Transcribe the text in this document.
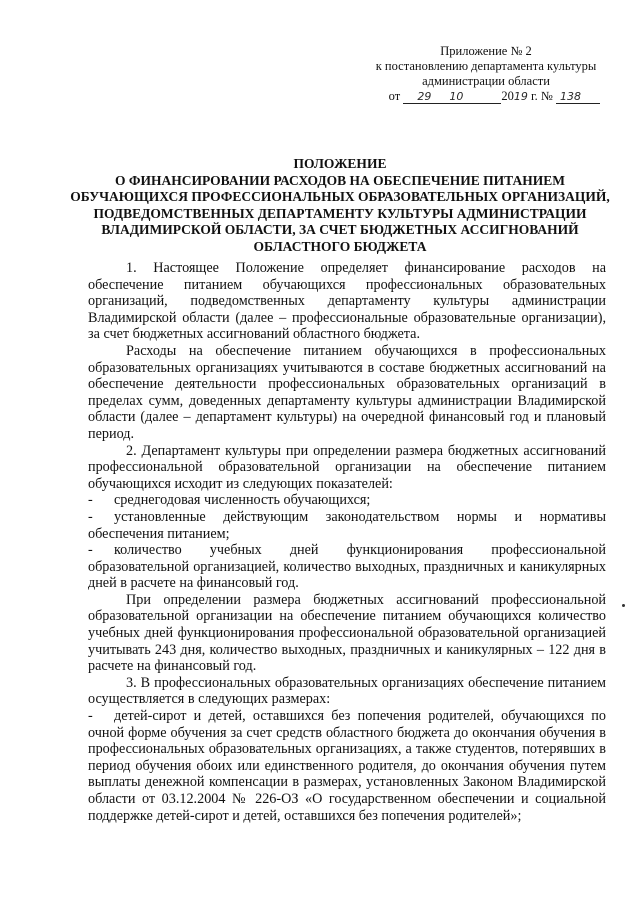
Приложение № 2
к постановлению департамента культуры
администрации области
от 29 10	2019 г. № 138
ПОЛОЖЕНИЕ
О ФИНАНСИРОВАНИИ РАСХОДОВ НА ОБЕСПЕЧЕНИЕ ПИТАНИЕМ
ОБУЧАЮЩИХСЯ ПРОФЕССИОНАЛЬНЫХ ОБРАЗОВАТЕЛЬНЫХ ОРГАНИЗАЦИЙ,
ПОДВЕДОМСТВЕННЫХ ДЕПАРТАМЕНТУ КУЛЬТУРЫ АДМИНИСТРАЦИИ
ВЛАДИМИРСКОЙ ОБЛАСТИ, ЗА СЧЕТ БЮДЖЕТНЫХ АССИГНОВАНИЙ
ОБЛАСТНОГО БЮДЖЕТА

1. Настоящее Положение определяет финансирование расходов на обеспечение питанием обучающихся профессиональных образовательных организаций, подведомственных департаменту культуры администрации Владимирской области (далее – профессиональные образовательные организации), за счет бюджетных ассигнований областного бюджета.

Расходы на обеспечение питанием обучающихся в профессиональных образовательных организациях учитываются в составе бюджетных ассигнований на обеспечение деятельности профессиональных образовательных организаций в пределах сумм, доведенных департаменту культуры администрации Владимирской области (далее – департамент культуры) на очередной финансовый год и плановый период.

2. Департамент культуры при определении размера бюджетных ассигнований профессиональной образовательной организации на обеспечение питанием обучающихся исходит из следующих показателей:

-	среднегодовая численность обучающихся;
-	установленные действующим законодательством нормы и нормативы обеспечения питанием;
-	количество учебных дней функционирования профессиональной образовательной организацией, количество выходных, праздничных и каникулярных дней в расчете на финансовый год.

При определении размера бюджетных ассигнований профессиональной образовательной организации на обеспечение питанием обучающихся количество учебных дней функционирования профессиональной образовательной организацией учитывать 243 дня, количество выходных, праздничных и каникулярных – 122 дня в расчете на финансовый год.

3. В профессиональных образовательных организациях обеспечение питанием осуществляется в следующих размерах:

-	детей-сирот и детей, оставшихся без попечения родителей, обучающихся по очной форме обучения за счет средств областного бюджета до окончания обучения в профессиональных образовательных организациях, а также студентов, потерявших в период обучения обоих или единственного родителя, до окончания обучения путем выплаты денежной компенсации в размерах, установленных Законом Владимирской области от 03.12.2004 № 226-ОЗ «О государственном обеспечении и социальной поддержке детей-сирот и детей, оставшихся без попечения родителей»;
